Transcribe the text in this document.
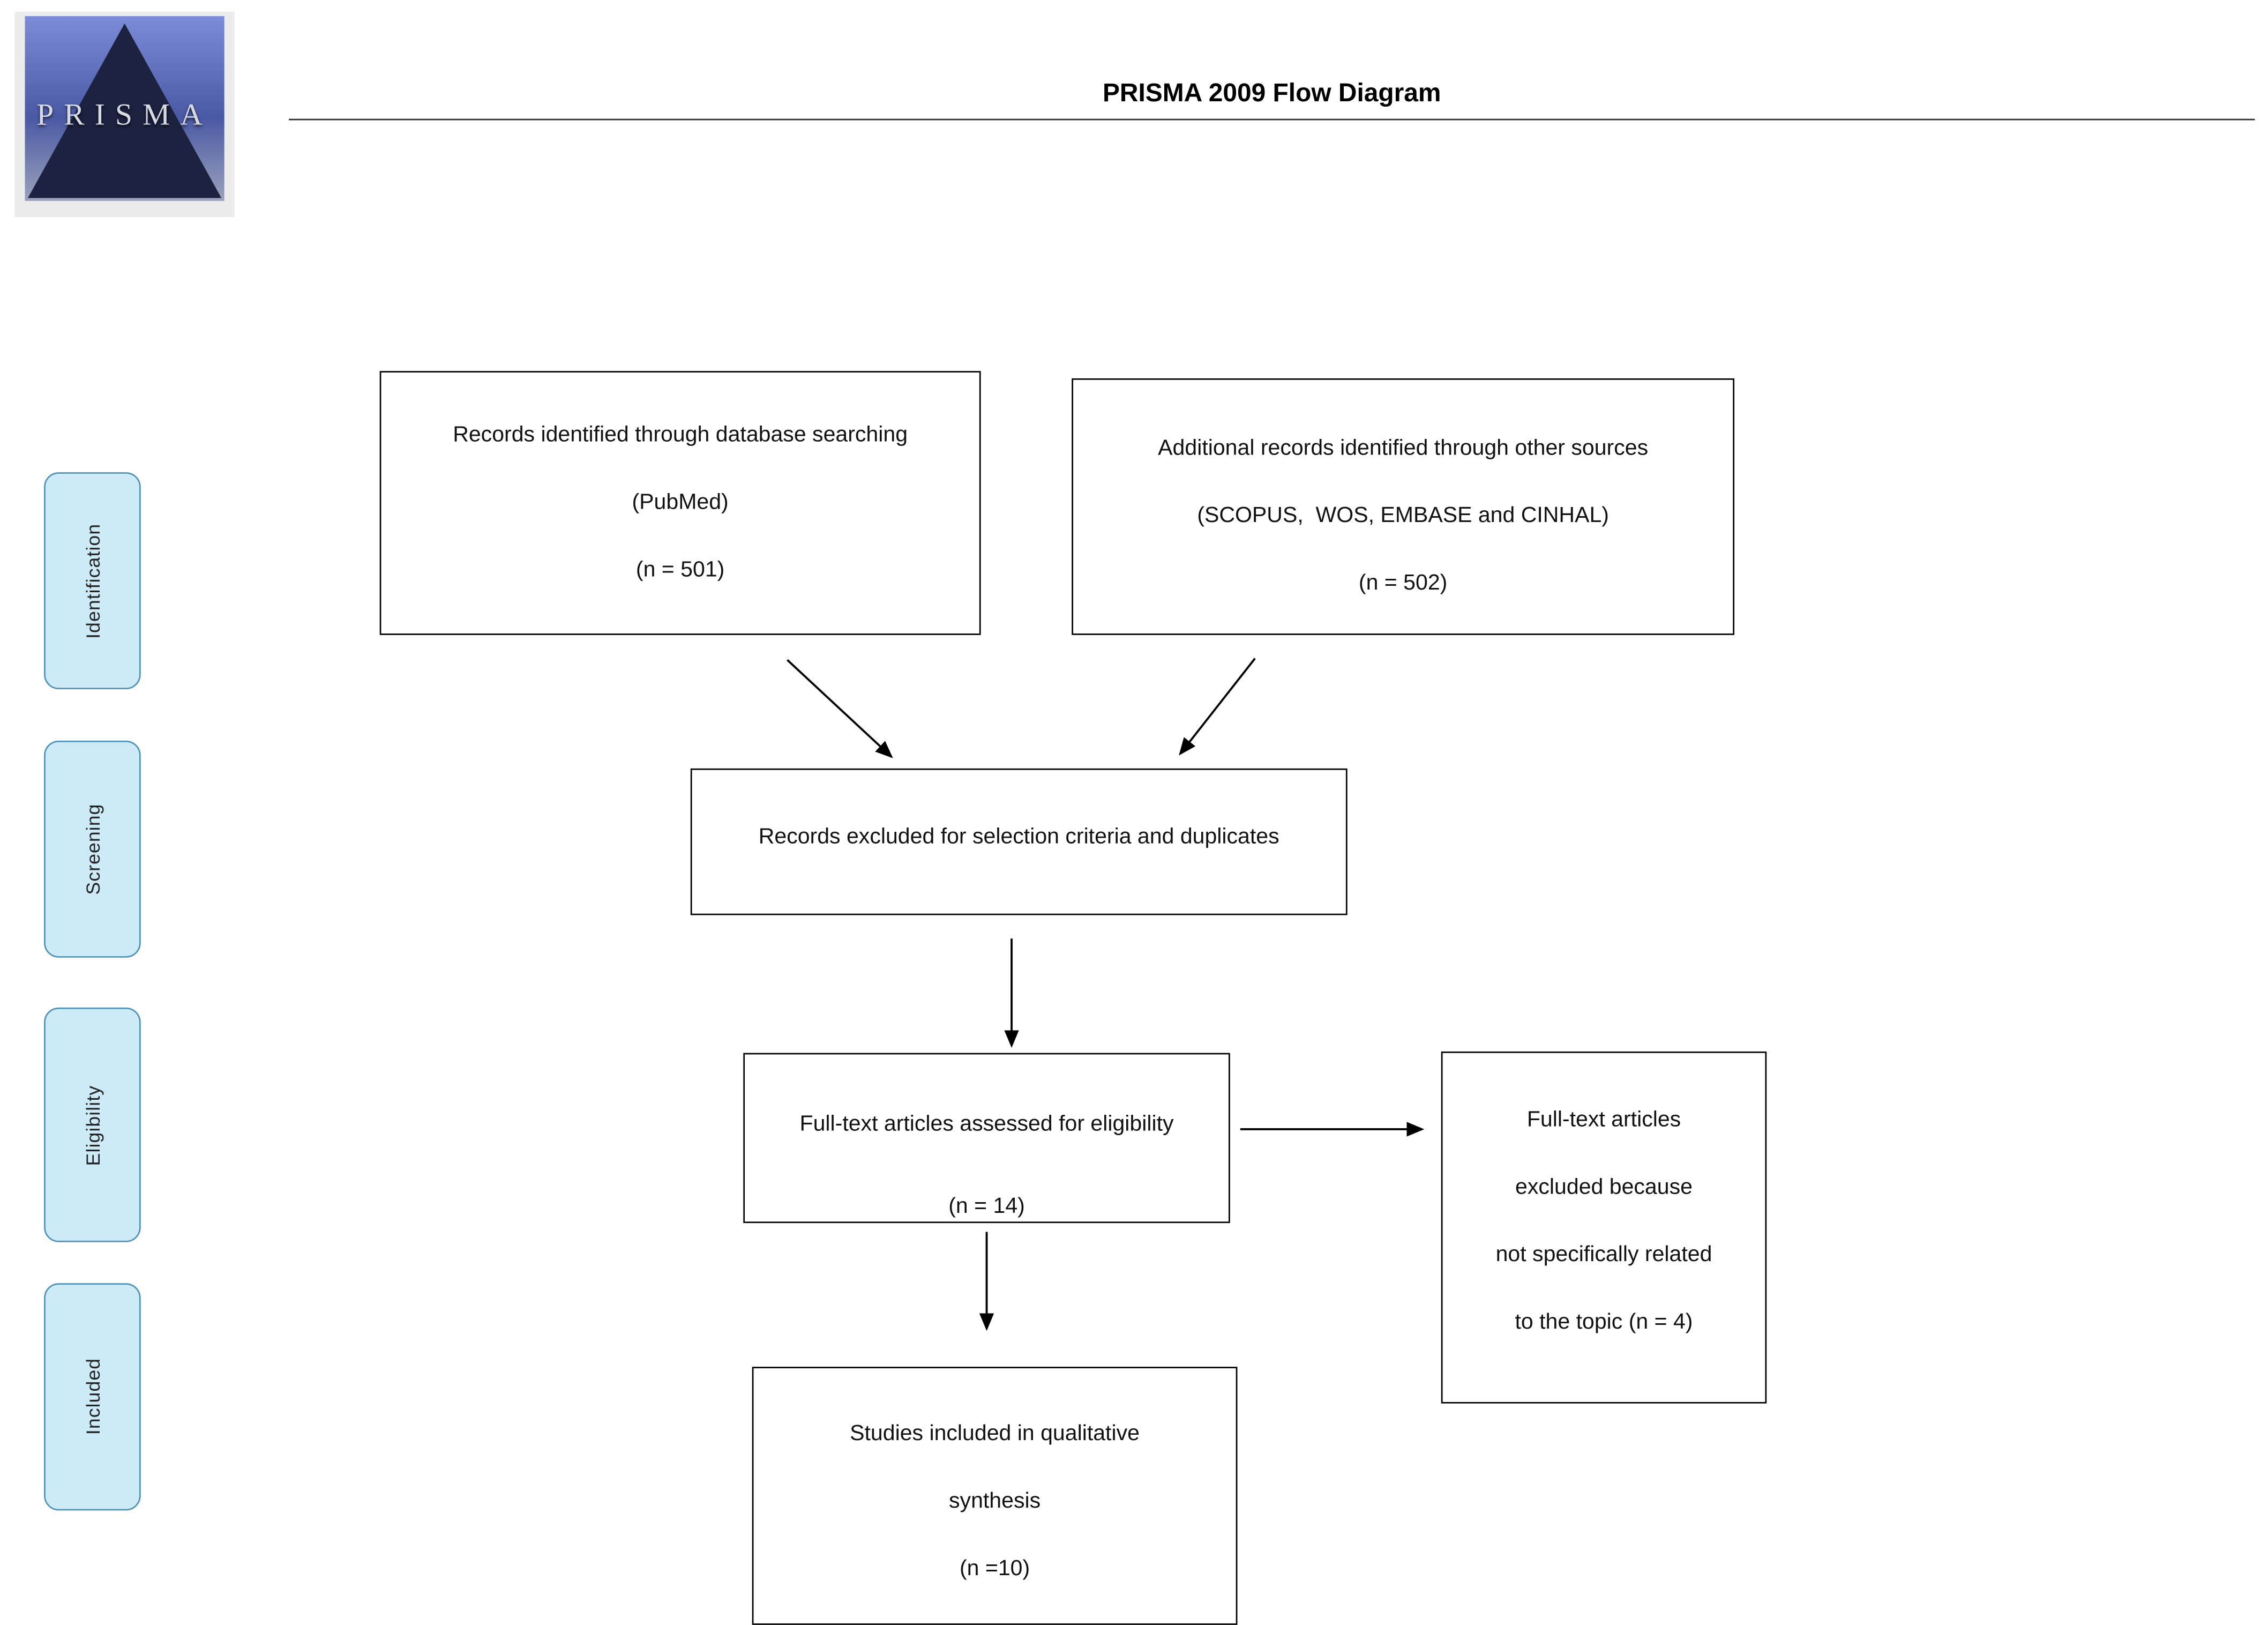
PRISMA
PRISMA 2009 Flow Diagram
Identification
Screening
Eligibility
Included
Records identified through database searching
(PubMed)
(n = 501)
Additional records identified through other sources
(SCOPUS,  WOS, EMBASE and CINHAL)
(n = 502)
Records excluded for selection criteria and duplicates
Full-text articles assessed for eligibility
(n = 14)
Full-text articles
excluded because
not specifically related
to the topic (n = 4)
Studies included in qualitative
synthesis
(n =10)
